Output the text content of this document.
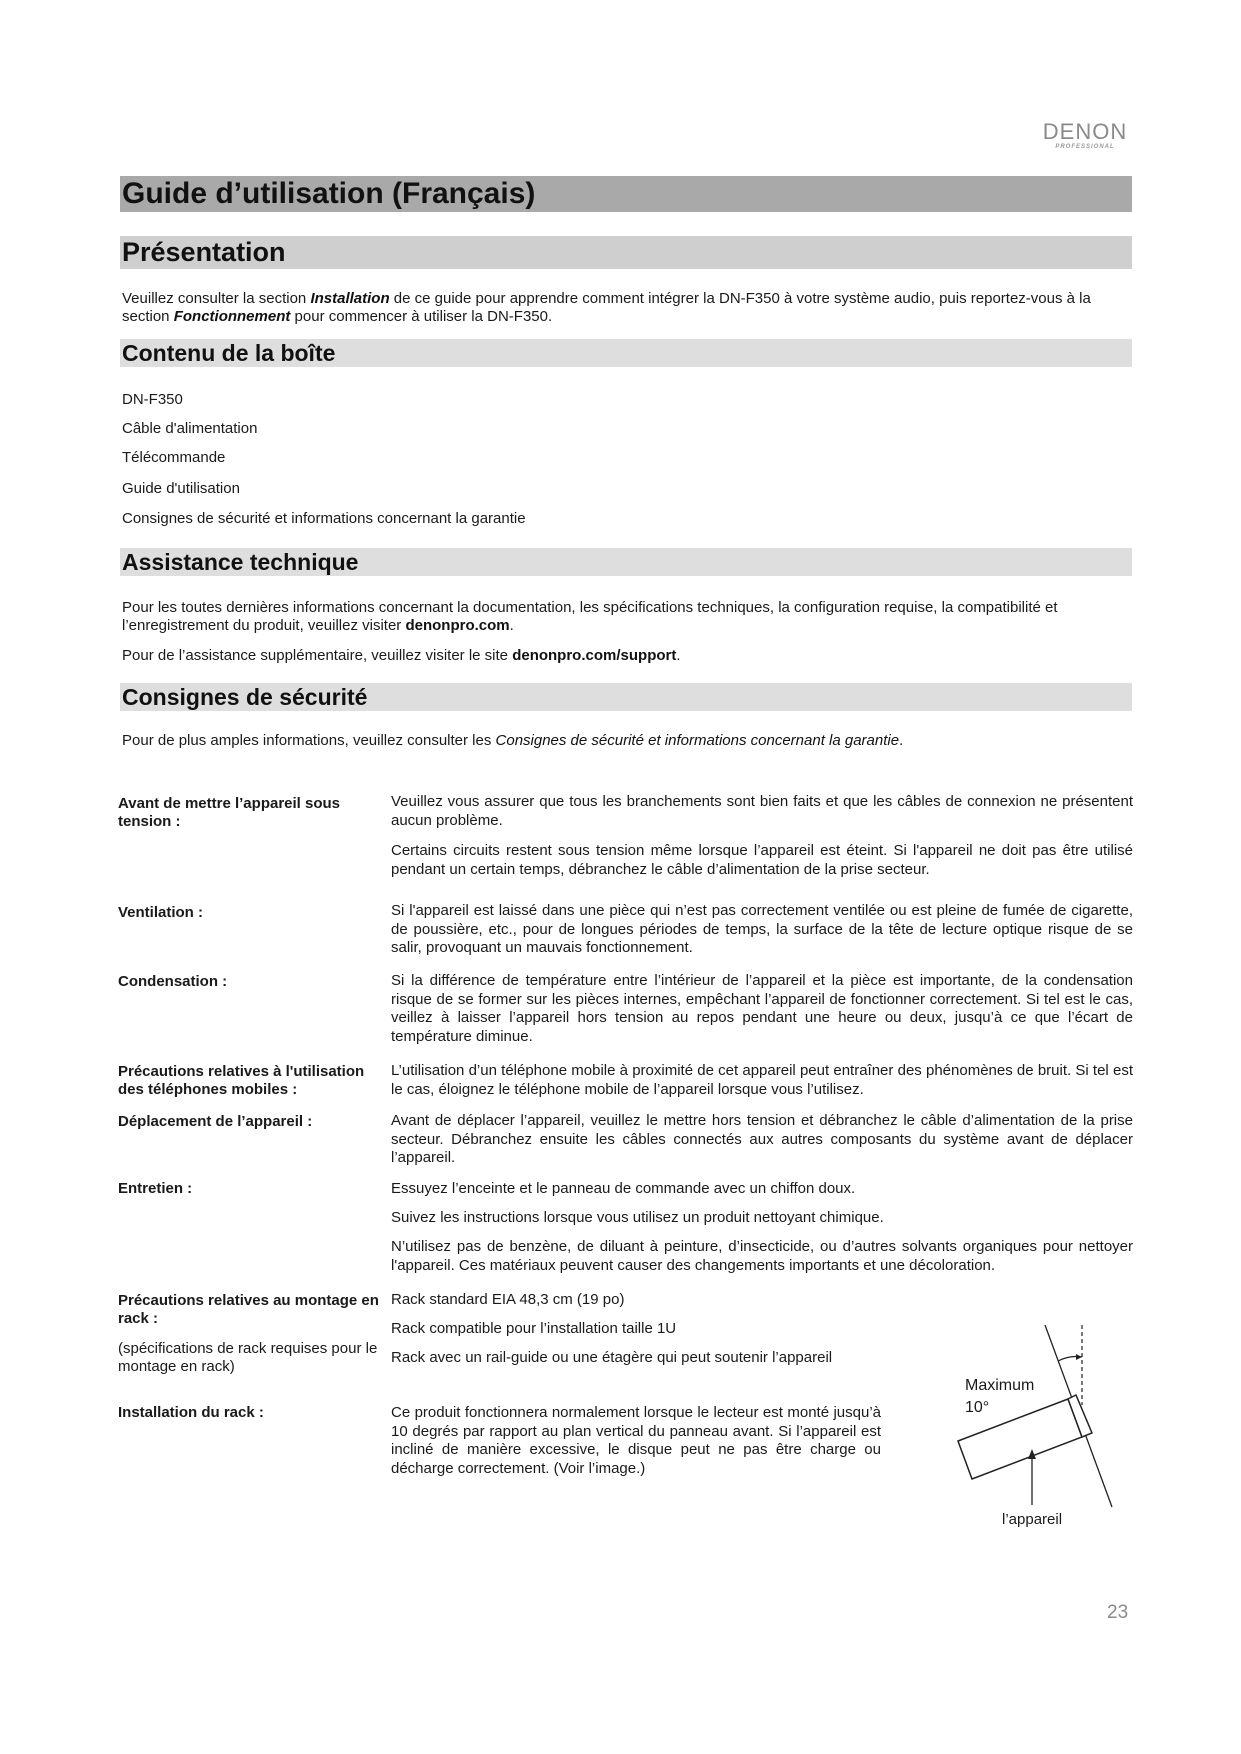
DENON
PROFESSIONAL
Guide d’utilisation (Français)
Présentation
Veuillez consulter la section Installation de ce guide pour apprendre comment intégrer la DN-F350 à votre système audio, puis reportez-vous à la section Fonctionnement pour commencer à utiliser la DN-F350.
Contenu de la boîte
DN-F350
Câble d'alimentation
Télécommande
Guide d'utilisation
Consignes de sécurité et informations concernant la garantie
Assistance technique
Pour les toutes dernières informations concernant la documentation, les spécifications techniques, la configuration requise, la compatibilité et l’enregistrement du produit, veuillez visiter denonpro.com.
Pour de l’assistance supplémentaire, veuillez visiter le site denonpro.com/support.
Consignes de sécurité
Pour de plus amples informations, veuillez consulter les Consignes de sécurité et informations concernant la garantie.
Avant de mettre l’appareil sous tension :
Veuillez vous assurer que tous les branchements sont bien faits et que les câbles de connexion ne présentent aucun problème.
Certains circuits restent sous tension même lorsque l’appareil est éteint. Si l'appareil ne doit pas être utilisé pendant un certain temps, débranchez le câble d’alimentation de la prise secteur.
Ventilation :	Si l'appareil est laissé dans une pièce qui n’est pas correctement ventilée ou est pleine de fumée de cigarette, de poussière, etc., pour de longues périodes de temps, la surface de la tête de lecture optique risque de se salir, provoquant un mauvais fonctionnement.
Condensation :	Si la différence de température entre l’intérieur de l’appareil et la pièce est importante, de la condensation risque de se former sur les pièces internes, empêchant l’appareil de fonctionner correctement. Si tel est le cas, veillez à laisser l’appareil hors tension au repos pendant une heure ou deux, jusqu’à ce que l’écart de température diminue.
Précautions relatives à l'utilisation des téléphones mobiles :
L’utilisation d’un téléphone mobile à proximité de cet appareil peut entraîner des phénomènes de bruit. Si tel est le cas, éloignez le téléphone mobile de l’appareil lorsque vous l’utilisez.
Déplacement de l’appareil :	Avant de déplacer l’appareil, veuillez le mettre hors tension et débranchez le câble d’alimentation de la prise secteur. Débranchez ensuite les câbles connectés aux autres composants du système avant de déplacer l’appareil.
Entretien :	Essuyez l’enceinte et le panneau de commande avec un chiffon doux.
Suivez les instructions lorsque vous utilisez un produit nettoyant chimique.
N’utilisez pas de benzène, de diluant à peinture, d’insecticide, ou d’autres solvants organiques pour nettoyer l'appareil. Ces matériaux peuvent causer des changements importants et une décoloration.
Précautions relatives au montage en rack :
(spécifications de rack requises pour le montage en rack)
Rack standard EIA 48,3 cm (19 po)
Rack compatible pour l’installation taille 1U
Rack avec un rail-guide ou une étagère qui peut soutenir l’appareil
Installation du rack :	Ce produit fonctionnera normalement lorsque le lecteur est monté jusqu’à 10 degrés par rapport au plan vertical du panneau avant. Si l’appareil est incliné de manière excessive, le disque peut ne pas être charge ou décharge correctement. (Voir l’image.)
Maximum
10°
l’appareil
23
